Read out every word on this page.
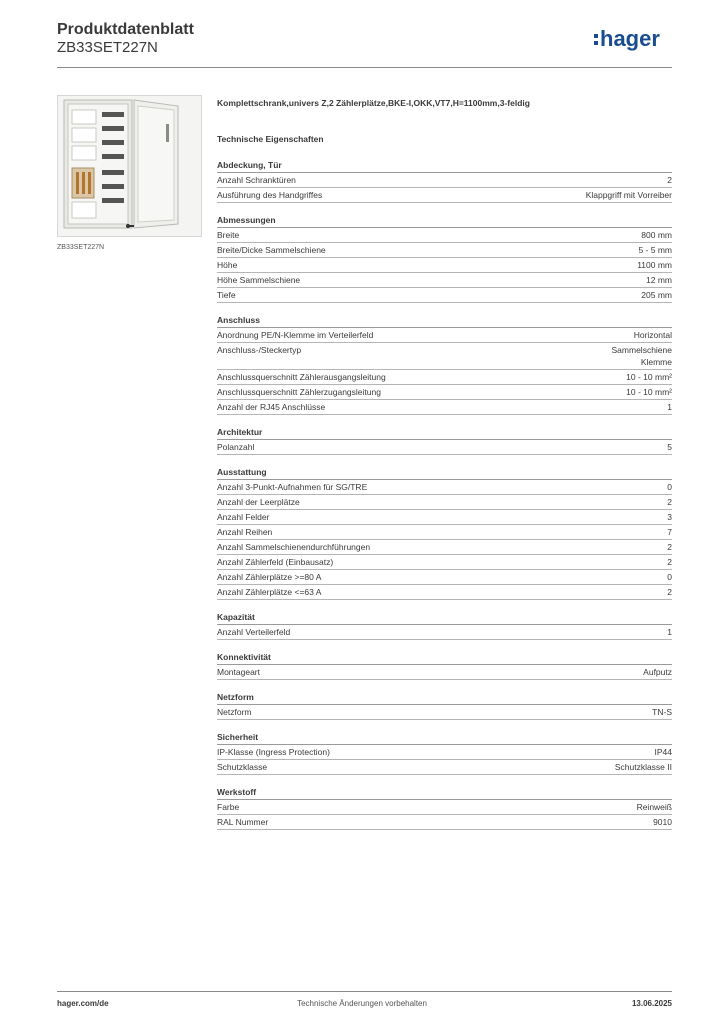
Produktdatenblatt
ZB33SET227N	hager
ZB33SET227N
Komplettschrank,univers Z,2 Zählerplätze,BKE-I,OKK,VT7,H=1100mm,3-feldig
Technische Eigenschaften
Abdeckung, Tür
Anzahl Schranktüren	2
Ausführung des Handgriffes	Klappgriff mit Vorreiber
Abmessungen
Breite	800 mm
Breite/Dicke Sammelschiene	5 - 5 mm
Höhe	1100 mm
Höhe Sammelschiene	12 mm
Tiefe	205 mm
Anschluss
Anordnung PE/N-Klemme im Verteilerfeld	Horizontal
Anschluss-/Steckertyp	Sammelschiene Klemme
Anschlussquerschnitt Zählerausgangsleitung	10 - 10 mm²
Anschlussquerschnitt Zählerzugangsleitung	10 - 10 mm²
Anzahl der RJ45 Anschlüsse	1
Architektur
Polanzahl	5
Ausstattung
Anzahl 3-Punkt-Aufnahmen für SG/TRE	0
Anzahl der Leerplätze	2
Anzahl Felder	3
Anzahl Reihen	7
Anzahl Sammelschienendurchführungen	2
Anzahl Zählerfeld (Einbausatz)	2
Anzahl Zählerplätze >=80 A	0
Anzahl Zählerplätze <=63 A	2
Kapazität
Anzahl Verteilerfeld	1
Konnektivität
Montageart	Aufputz
Netzform
Netzform	TN-S
Sicherheit
IP-Klasse (Ingress Protection)	IP44
Schutzklasse	Schutzklasse II
Werkstoff
Farbe	Reinweiß
RAL Nummer	9010
hager.com/de	Technische Änderungen vorbehalten	13.06.2025
